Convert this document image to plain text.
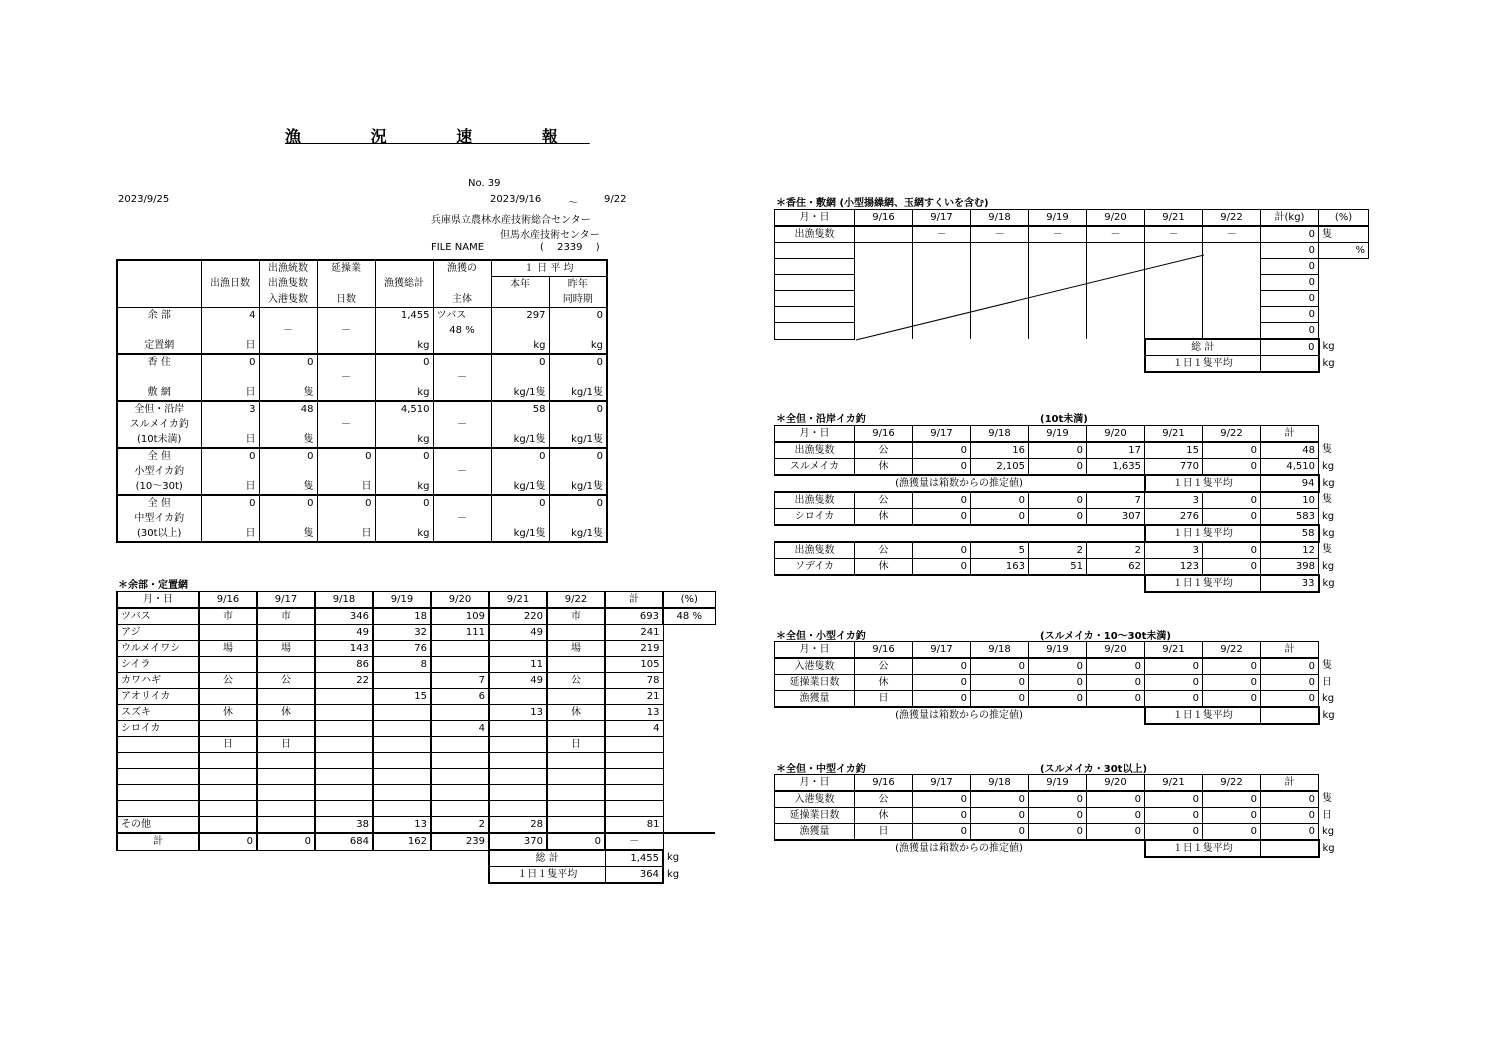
漁 況 速 報
No. 39
2023/9/25	2023/9/16	～	9/22
兵庫県立農林水産技術総合センター
但馬水産技術センター
FILE NAME	( 2339 )
		出漁統数	延操業		漁獲の	１ 日 平 均	
	出漁日数	出漁隻数		漁獲総計		本年	昨年
		入港隻数	日数		主体		同時期
余 部	4			1,455	ツバス	297	0
		－	－		48 %		
定置網	日			kg		kg	kg
香 住	0	0		0		0	0
			－		－		
敷 網	日	隻		kg		kg/1隻	kg/1隻
全但・沿岸	3	48		4,510		58	0
スルメイカ釣			－		－		
(10t未満)	日	隻		kg		kg/1隻	kg/1隻
全 但	0	0	0	0		0	0
小型イカ釣					－		
(10～30t)	日	隻	日	kg		kg/1隻	kg/1隻
全 但	0	0	0	0		0	0
中型イカ釣					－		
(30t以上)	日	隻	日	kg		kg/1隻	kg/1隻
＊余部・定置網
月・日	9/16	9/17	9/18	9/19	9/20	9/21	9/22	計	(%)
ツバス	市	市	346	18	109	220	市	693	48 %
アジ			49	32	111	49		241	
ウルメイワシ	場	場	143	76			場	219	
シイラ			86	8		11		105	
カワハギ	公	公	22		7	49	公	78	
アオリイカ				15	6			21	
スズキ	休	休				13	休	13	
シロイカ					4			4	
	日	日					日		

その他			38	13	2	28		81	
計	0	0	684	162	239	370	0	－	
						総 計		1,455	kg
						１日１隻平均		364	kg
＊香住・敷網 (小型揚繰網、玉網すくいを含む)
月・日	9/16	9/17	9/18	9/19	9/20	9/21	9/22	計(kg)	(%)
出漁隻数		－	－	－	－	－	－	0	隻
								0	%
								0	
								0	
								0	
								0	
								0	
						総 計		0	kg
						１日１隻平均			kg
＊全但・沿岸イカ釣	(10t未満)
月・日	9/16	9/17	9/18	9/19	9/20	9/21	9/22	計	
出漁隻数	公	0	16	0	17	15	0	48	隻
スルメイカ	休	0	2,105	0	1,635	770	0	4,510	kg
(漁獲量は箱数からの推定値)						１日１隻平均		94	kg
出漁隻数	公	0	0	0	7	3	0	10	隻
シロイカ	休	0	0	0	307	276	0	583	kg
						１日１隻平均		58	kg
出漁隻数	公	0	5	2	2	3	0	12	隻
ソデイカ	休	0	163	51	62	123	0	398	kg
						１日１隻平均		33	kg
＊全但・小型イカ釣	(スルメイカ・10～30t未満)
月・日	9/16	9/17	9/18	9/19	9/20	9/21	9/22	計	
入港隻数	公	0	0	0	0	0	0	0	隻
延操業日数	休	0	0	0	0	0	0	0	日
漁獲量	日	0	0	0	0	0	0	0	kg
(漁獲量は箱数からの推定値)						１日１隻平均			kg
＊全但・中型イカ釣	(スルメイカ・30t以上)
月・日	9/16	9/17	9/18	9/19	9/20	9/21	9/22	計	
入港隻数	公	0	0	0	0	0	0	0	隻
延操業日数	休	0	0	0	0	0	0	0	日
漁獲量	日	0	0	0	0	0	0	0	kg
(漁獲量は箱数からの推定値)						１日１隻平均			kg
